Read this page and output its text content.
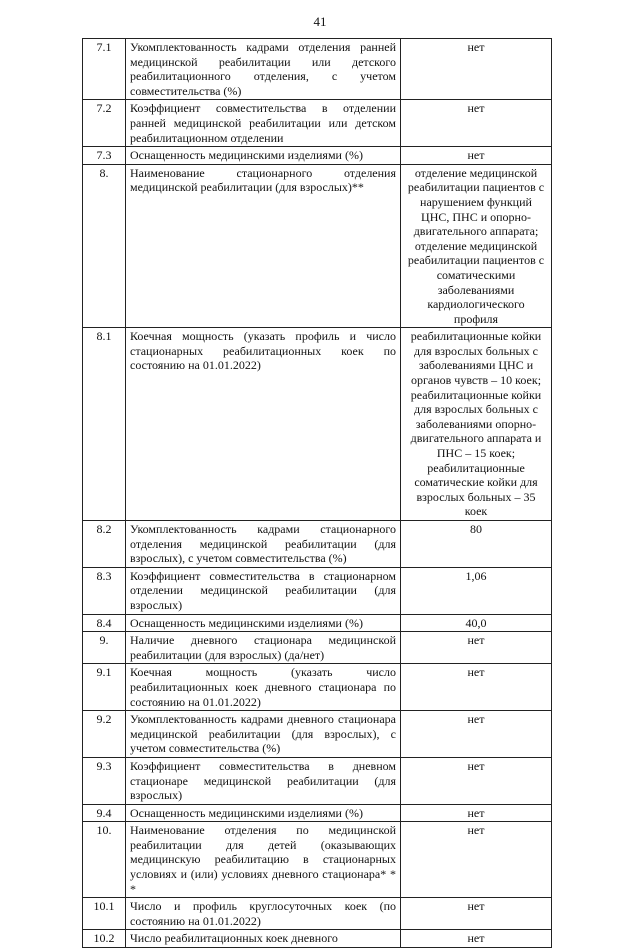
41
7.1	Укомплектованность кадрами отделения ранней медицинской реабилитации или детского реабилитационного отделения, с учетом совместительства (%)	нет
7.2	Коэффициент совместительства в отделении ранней медицинской реабилитации или детском реабилитационном отделении	нет
7.3	Оснащенность медицинскими изделиями (%)	нет
8.	Наименование стационарного отделения медицинской реабилитации (для взрослых)**	отделение медицинской реабилитации пациентов с нарушением функций ЦНС, ПНС и опорно-двигательного аппарата; отделение медицинской реабилитации пациентов с соматическими заболеваниями кардиологического профиля
8.1	Коечная мощность (указать профиль и число стационарных реабилитационных коек по состоянию на 01.01.2022)	реабилитационные койки для взрослых больных с заболеваниями ЦНС и органов чувств – 10 коек; реабилитационные койки для взрослых больных с заболеваниями опорно-двигательного аппарата и ПНС – 15 коек; реабилитационные соматические койки для взрослых больных – 35 коек
8.2	Укомплектованность кадрами стационарного отделения медицинской реабилитации (для взрослых), с учетом совместительства (%)	80
8.3	Коэффициент совместительства в стационарном отделении медицинской реабилитации (для взрослых)	1,06
8.4	Оснащенность медицинскими изделиями (%)	40,0
9.	Наличие дневного стационара медицинской реабилитации (для взрослых) (да/нет)	нет
9.1	Коечная мощность (указать число реабилитационных коек дневного стационара по состоянию на 01.01.2022)	нет
9.2	Укомплектованность кадрами дневного стационара медицинской реабилитации (для взрослых), с учетом совместительства (%)	нет
9.3	Коэффициент совместительства в дневном стационаре медицинской реабилитации (для взрослых)	нет
9.4	Оснащенность медицинскими изделиями (%)	нет
10.	Наименование отделения по медицинской реабилитации для детей (оказывающих медицинскую реабилитацию в стационарных условиях и (или) условиях дневного стационара* * *	нет
10.1	Число и профиль круглосуточных коек (по состоянию на 01.01.2022)	нет
10.2	Число реабилитационных коек дневного	нет
